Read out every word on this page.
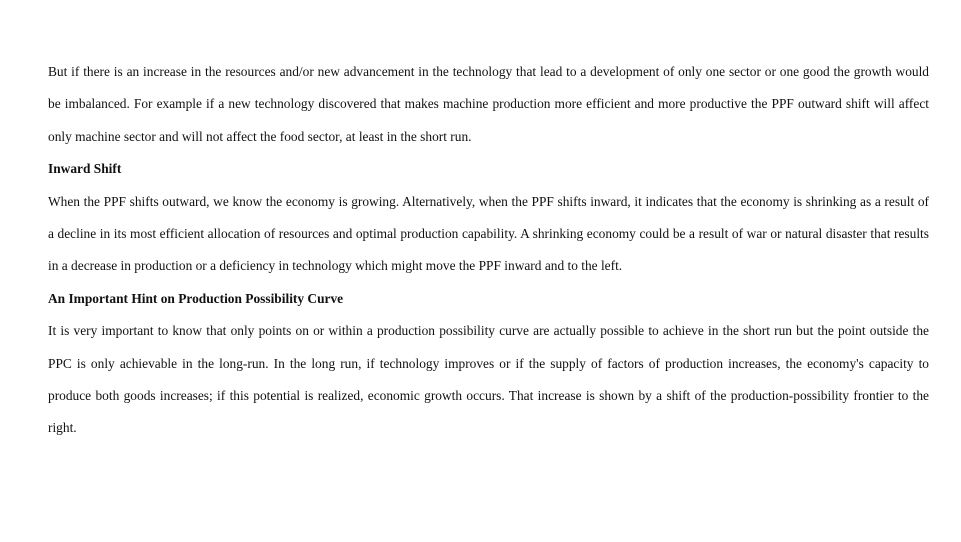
But if there is an increase in the resources and/or new advancement in the technology that lead to a development of only one sector or one good the growth would be imbalanced. For example if a new technology discovered that makes machine production more efficient and more productive the PPF outward shift will affect only machine sector and will not affect the food sector, at least in the short run.

Inward Shift

When the PPF shifts outward, we know the economy is growing. Alternatively, when the PPF shifts inward, it indicates that the economy is shrinking as a result of a decline in its most efficient allocation of resources and optimal production capability. A shrinking economy could be a result of war or natural disaster that results in a decrease in production or a deficiency in technology which might move the PPF inward and to the left.

An Important Hint on Production Possibility Curve

It is very important to know that only points on or within a production possibility curve are actually possible to achieve in the short run but the point outside the PPC is only achievable in the long-run. In the long run, if technology improves or if the supply of factors of production increases, the economy's capacity to produce both goods increases; if this potential is realized, economic growth occurs. That increase is shown by a shift of the production-possibility frontier to the right.
